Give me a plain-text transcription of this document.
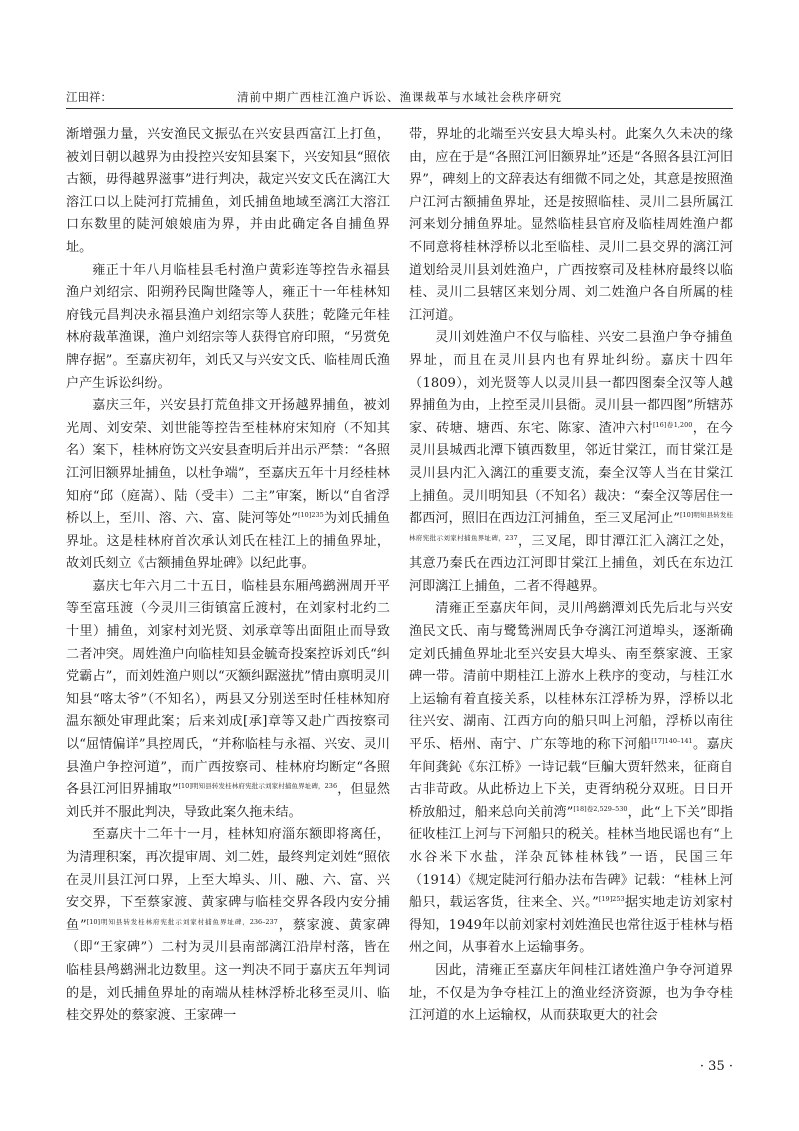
江田祥：	清前中期广西桂江渔户诉讼、渔课裁革与水域社会秩序研究

渐增强力量，兴安渔民文振弘在兴安县西富江上打鱼，被刘日朝以越界为由投控兴安知县案下，兴安知县“照依古额，毋得越界滋事”进行判决，裁定兴安文氏在漓江大溶江口以上陡河打荒捕鱼，刘氏捕鱼地域至漓江大溶江口东数里的陡河娘娘庙为界，并由此确定各自捕鱼界址。

雍正十年八月临桂县毛村渔户黄彩连等控告永福县渔户刘绍宗、阳朔矜民陶世隆等人，雍正十一年桂林知府钱元昌判决永福县渔户刘绍宗等人获胜；乾隆元年桂林府裁革渔课，渔户刘绍宗等人获得官府印照，“另赏免牌存据”。至嘉庆初年，刘氏又与兴安文氏、临桂周氏渔户产生诉讼纠纷。

嘉庆三年，兴安县打荒鱼排文开扬越界捕鱼，被刘光周、刘安荣、刘世能等控告至桂林府宋知府（不知其名）案下，桂林府饬文兴安县查明后并出示严禁：“各照江河旧额界址捕鱼，以杜争端”，至嘉庆五年十月经桂林知府“邱（庭嵩）、陆（受丰）二主”审案，断以“自省浮桥以上，至川、溶、六、富、陡河等处”$^{[10]235}$为刘氏捕鱼界址。这是桂林府首次承认刘氏在桂江上的捕鱼界址，故刘氏刻立《古额捕鱼界址碑》以纪此事。

嘉庆七年六月二十五日，临桂县东厢鸬鹚洲周开平等至富珏渡（今灵川三街镇富丘渡村，在刘家村北约二十里）捕鱼，刘家村刘光贤、刘承章等出面阻止而导致二者冲突。周姓渔户向临桂知县金毓奇投案控诉刘氏“纠党霸占”，而刘姓渔户则以“灭额纠踞滋扰”情由禀明灵川知县“喀太爷”（不知名），两县又分别送至时任桂林知府温东额处审理此案；后来刘成[承]章等又赴广西按察司以“屈情偏详”具控周氏，“并称临桂与永福、兴安、灵川县渔户争控河道”，而广西按察司、桂林府均断定“各照各县江河旧界捕取”$^{[10]明知县转发桂林府宪批示刘家村捕鱼界址碑,236}$，但显然刘氏并不服此判决，导致此案久拖未结。

至嘉庆十二年十一月，桂林知府淄东额即将离任，为清理积案，再次提审周、刘二姓，最终判定刘姓“照依在灵川县江河口界，上至大埠头、川、融、六、富、兴安交界，下至蔡家渡、黄家碑与临桂交界各段内安分捕鱼”$^{[10]明知县转发桂林府宪批示刘家村捕鱼界址碑,236-237}$，蔡家渡、黄家碑（即“王家碑”）二村为灵川县南部漓江沿岸村落，皆在临桂县鸬鹚洲北边数里。这一判决不同于嘉庆五年判词的是，刘氏捕鱼界址的南端从桂林浮桥北移至灵川、临桂交界处的蔡家渡、王家碑一

带，界址的北端至兴安县大埠头村。此案久久未决的缘由，应在于是“各照江河旧额界址”还是“各照各县江河旧界”，碑刻上的文辞表达有细微不同之处，其意是按照渔户江河古额捕鱼界址，还是按照临桂、灵川二县所属江河来划分捕鱼界址。显然临桂县官府及临桂周姓渔户都不同意将桂林浮桥以北至临桂、灵川二县交界的漓江河道划给灵川县刘姓渔户，广西按察司及桂林府最终以临桂、灵川二县辖区来划分周、刘二姓渔户各自所属的桂江河道。

灵川刘姓渔户不仅与临桂、兴安二县渔户争夺捕鱼界址，而且在灵川县内也有界址纠纷。嘉庆十四年（1809），刘光贤等人以灵川县一都四图秦全汉等人越界捕鱼为由，上控至灵川县衙。灵川县一都四图”所辖苏家、砖塘、塘西、东宅、陈家、渣冲六村$^{[16]卷1,200}$，在今灵川县城西北潭下镇西数里，邻近甘棠江，而甘棠江是灵川县内汇入漓江的重要支流，秦全汉等人当在甘棠江上捕鱼。灵川明知县（不知名）裁决：“秦全汉等居住一都西河，照旧在西边江河捕鱼，至三叉尾河止”$^{[10]明知县转发桂林府宪批示刘家村捕鱼界址碑,237}$，三叉尾，即甘潭江汇入漓江之处，其意乃秦氏在西边江河即甘棠江上捕鱼，刘氏在东边江河即漓江上捕鱼，二者不得越界。

清雍正至嘉庆年间，灵川鸬鹚潭刘氏先后北与兴安渔民文氏、南与鹭鸶洲周氏争夺漓江河道埠头，逐渐确定刘氏捕鱼界址北至兴安县大埠头、南至蔡家渡、王家碑一带。清前中期桂江上游水上秩序的变动，与桂江水上运输有着直接关系，以桂林东江浮桥为界，浮桥以北往兴安、湖南、江西方向的船只叫上河船，浮桥以南往平乐、梧州、南宁、广东等地的称下河船$^{[17]140-141}$。嘉庆年间龚鈊《东江桥》一诗记载“巨艑大贾轩然来，征商自古非苛政。从此桥边上下关，吏胥纳税分双班。日日开桥放船过，船来总向关前湾”$^{[18]卷2,529-530}$，此“上下关”即指征收桂江上河与下河船只的税关。桂林当地民谣也有“上水谷米下水盐，洋杂瓦钵桂林钱”一语，民国三年（1914）《规定陡河行船办法布告碑》记载：“桂林上河船只，载运客货，往来全、兴。”$^{[19]253}$据实地走访刘家村得知，1949年以前刘家村刘姓渔民也常往返于桂林与梧州之间，从事着水上运输事务。

因此，清雍正至嘉庆年间桂江诸姓渔户争夺河道界址，不仅是为争夺桂江上的渔业经济资源，也为争夺桂江河道的水上运输权，从而获取更大的社会

· 35 ·
